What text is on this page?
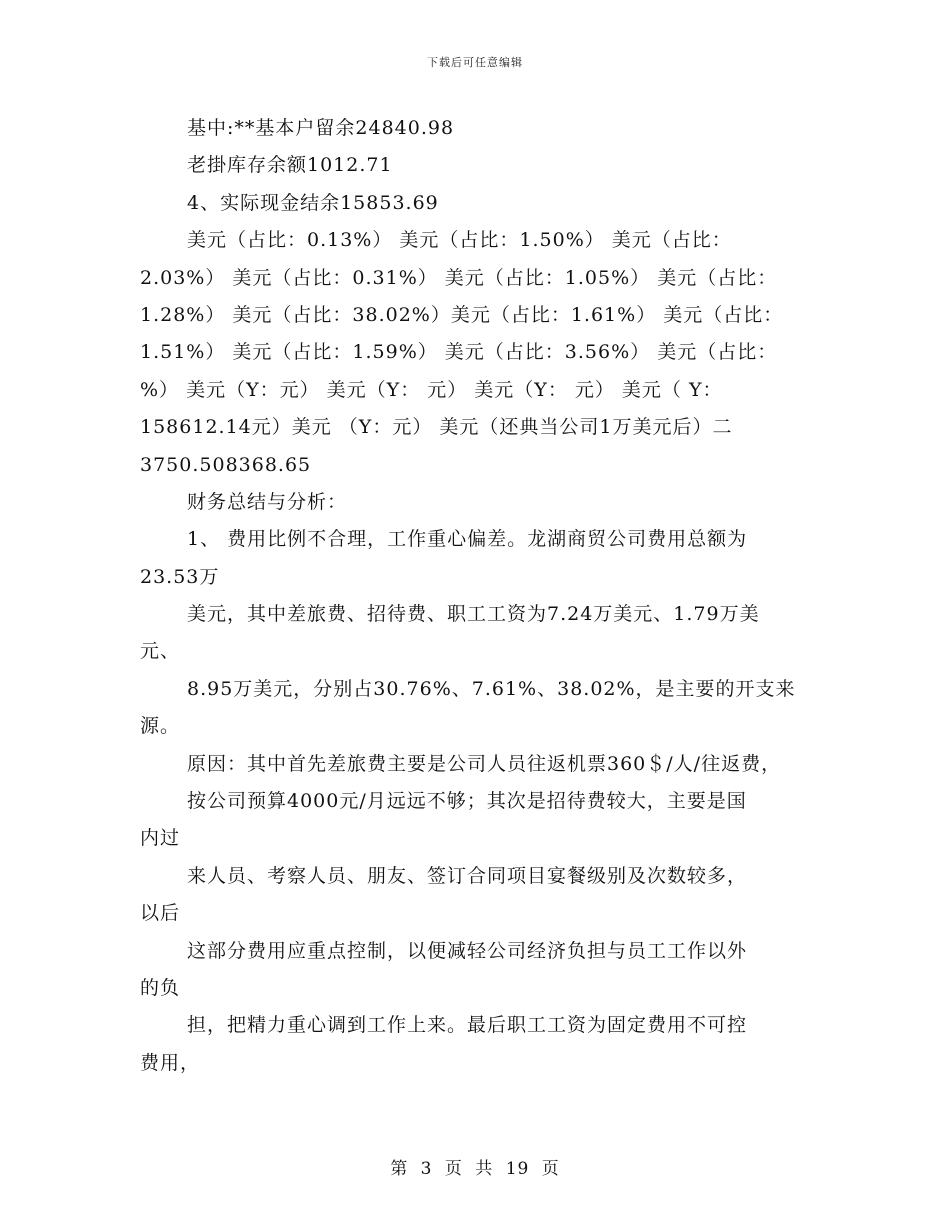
下载后可任意编辑
基中:**基本户留余24840.98
老掛库存余额1012.71
4、实际现金结余15853.69
美元（占比：0.13%） 美元（占比：1.50%） 美元（占比：
2.03%） 美元（占比：0.31%） 美元（占比：1.05%） 美元（占比：
1.28%） 美元（占比：38.02%）美元（占比：1.61%） 美元（占比：
1.51%） 美元（占比：1.59%） 美元（占比：3.56%） 美元（占比：
%） 美元（Y：元） 美元（Y： 元） 美元（Y： 元） 美元（ Y：
158612.14元）美元 （Y：元） 美元（还典当公司1万美元后）二
3750.508368.65
财务总结与分析：
1、 费用比例不合理，工作重心偏差。龙湖商贸公司费用总额为
23.53万
美元，其中差旅费、招待费、职工工资为7.24万美元、1.79万美
元、
8.95万美元，分别占30.76%、7.61%、38.02%，是主要的开支来
源。
原因：其中首先差旅费主要是公司人员往返机票360＄/人/往返费，
按公司预算4000元/月远远不够；其次是招待费较大，主要是国
内过
来人员、考察人员、朋友、签订合同项目宴餐级别及次数较多，
以后
这部分费用应重点控制，以便减轻公司经济负担与员工工作以外
的负
担，把精力重心调到工作上来。最后职工工资为固定费用不可控
费用，
第 3 页 共 19 页
